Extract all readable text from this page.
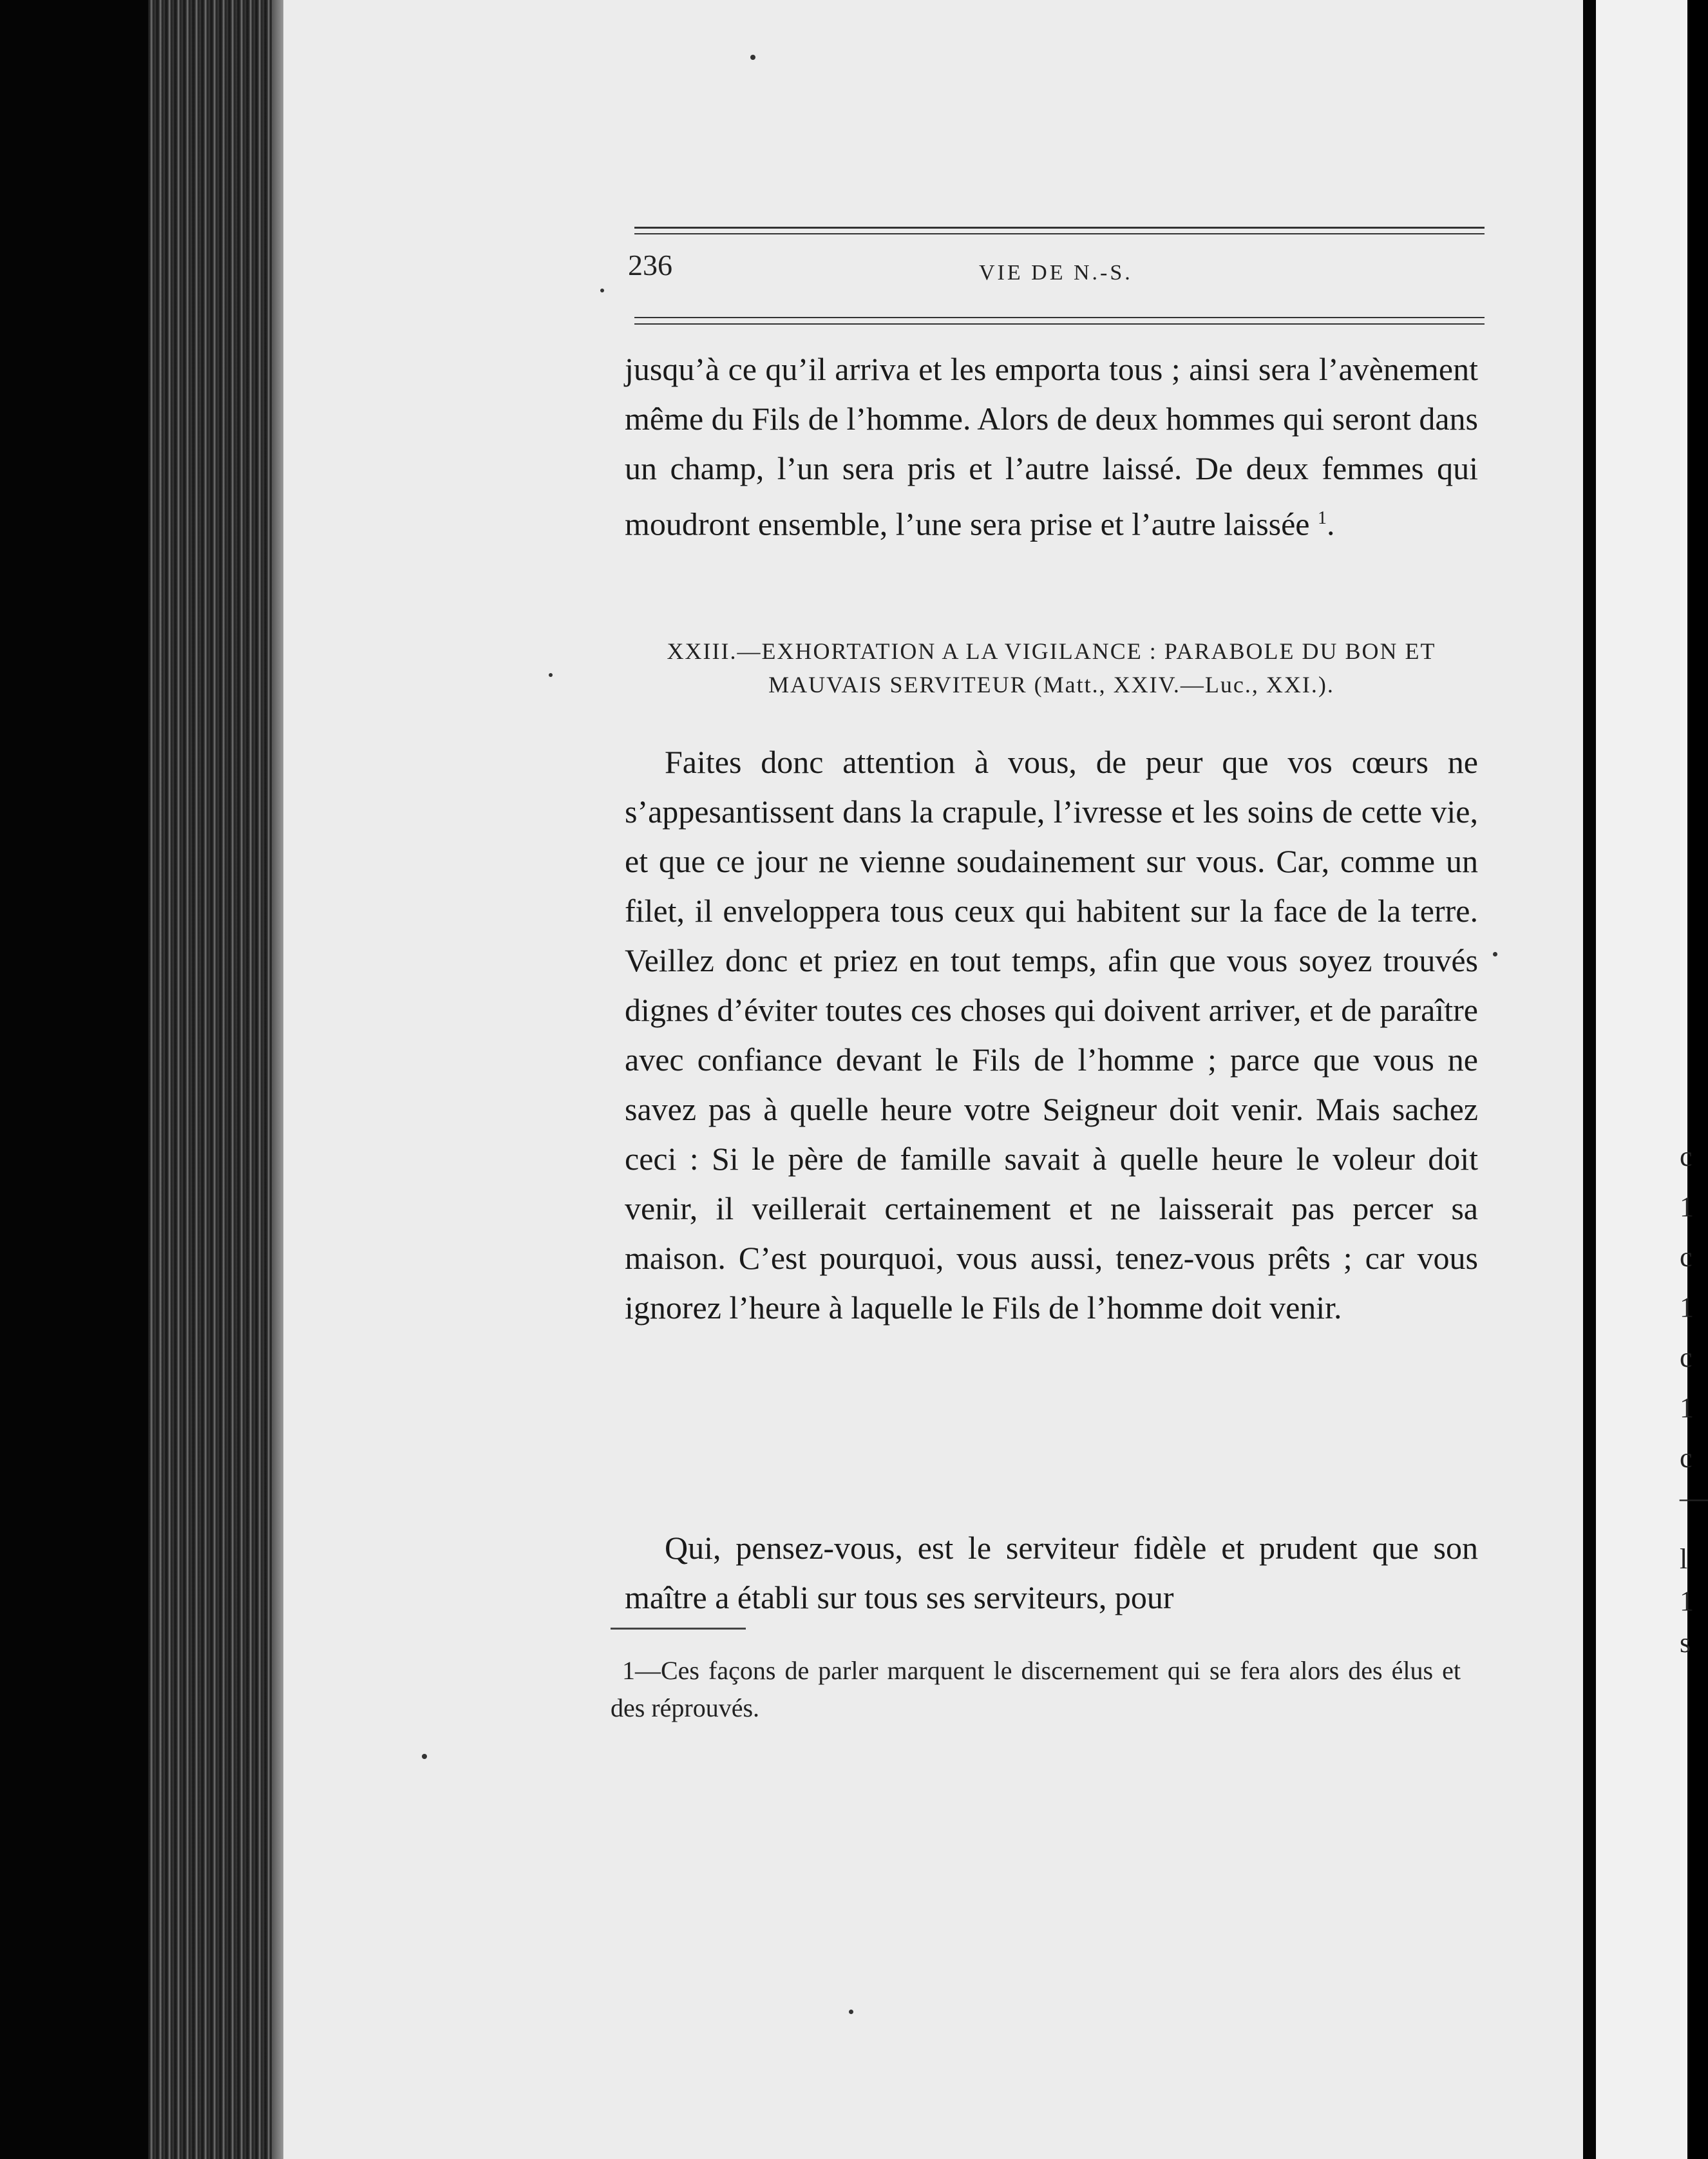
236	VIE DE N.-S.
jusqu’à ce qu’il arriva et les emporta tous ; ainsi sera l’avènement même du Fils de l’homme. Alors de deux hommes qui seront dans un champ, l’un sera pris et l’autre laissé. De deux femmes qui moudront ensemble, l’une sera prise et l’autre laissée $^1$.
XXIII.—EXHORTATION A LA VIGILANCE : PARABOLE DU BON ET MAUVAIS SERVITEUR (Matt., XXIV.—Luc., XXI.).
Faites donc attention à vous, de peur que vos cœurs ne s’appesantissent dans la crapule, l’ivresse et les soins de cette vie, et que ce jour ne vienne soudainement sur vous. Car, comme un filet, il enveloppera tous ceux qui habitent sur la face de la terre. Veillez donc et priez en tout temps, afin que vous soyez trouvés dignes d’éviter toutes ces choses qui doivent arriver, et de paraître avec confiance devant le Fils de l’homme ; parce que vous ne savez pas à quelle heure votre Seigneur doit venir. Mais sachez ceci : Si le père de famille savait à quelle heure le voleur doit venir, il veillerait certainement et ne laisserait pas percer sa maison. C’est pourquoi, vous aussi, tenez-vous prêts ; car vous ignorez l’heure à laquelle le Fils de l’homme doit venir.
Qui, pensez-vous, est le serviteur fidèle et prudent que son maître a établi sur tous ses serviteurs, pour
1—Ces façons de parler marquent le discernement qui se fera alors des élus et des réprouvés.
c
1
c
1
c
1
c
—
l
1
s
